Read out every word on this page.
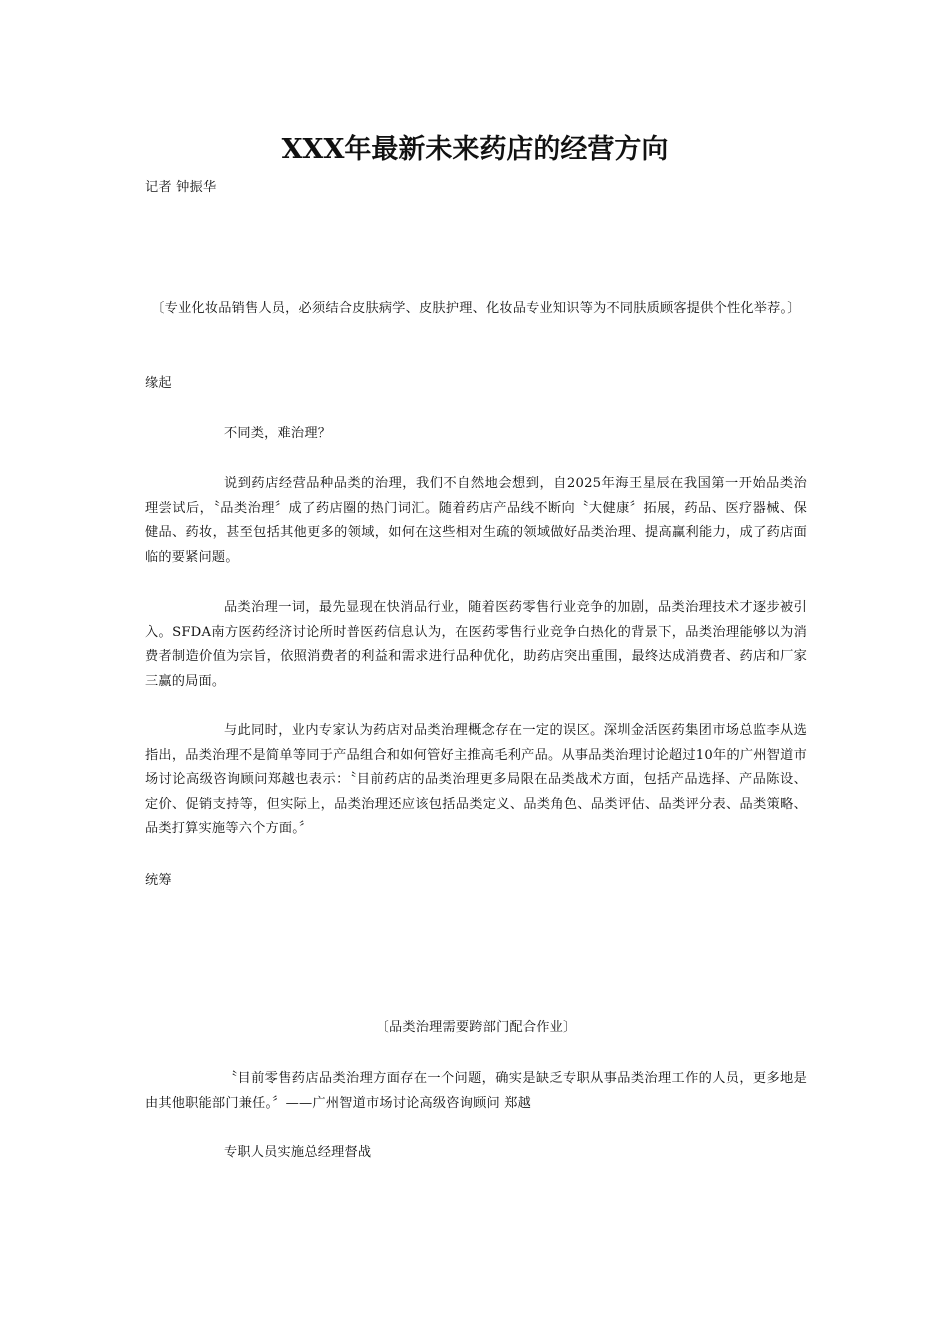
XXX年最新未来药店的经营方向

记者 钟振华

〔专业化妆品销售人员，必须结合皮肤病学、皮肤护理、化妆品专业知识等为不同肤质顾客提供个性化举荐。〕

缘起

不同类，难治理？

说到药店经营品种品类的治理，我们不自然地会想到，自2025年海王星辰在我国第一开始品类治理尝试后，〝品类治理〞成了药店圈的热门词汇。随着药店产品线不断向〝大健康〞拓展，药品、医疗器械、保健品、药妆，甚至包括其他更多的领域，如何在这些相对生疏的领域做好品类治理、提高赢利能力，成了药店面临的要紧问题。

品类治理一词，最先显现在快消品行业，随着医药零售行业竞争的加剧，品类治理技术才逐步被引入。SFDA南方医药经济讨论所时普医药信息认为，在医药零售行业竞争白热化的背景下，品类治理能够以为消费者制造价值为宗旨，依照消费者的利益和需求进行品种优化，助药店突出重围，最终达成消费者、药店和厂家三赢的局面。

与此同时，业内专家认为药店对品类治理概念存在一定的误区。深圳金活医药集团市场总监李从选指出，品类治理不是简单等同于产品组合和如何管好主推高毛利产品。从事品类治理讨论超过10年的广州智道市场讨论高级咨询顾问郑越也表示：〝目前药店的品类治理更多局限在品类战术方面，包括产品选择、产品陈设、定价、促销支持等，但实际上，品类治理还应该包括品类定义、品类角色、品类评估、品类评分表、品类策略、品类打算实施等六个方面。〞

统筹

〔品类治理需要跨部门配合作业〕

〝目前零售药店品类治理方面存在一个问题，确实是缺乏专职从事品类治理工作的人员，更多地是由其他职能部门兼任。〞——广州智道市场讨论高级咨询顾问 郑越

专职人员实施总经理督战
